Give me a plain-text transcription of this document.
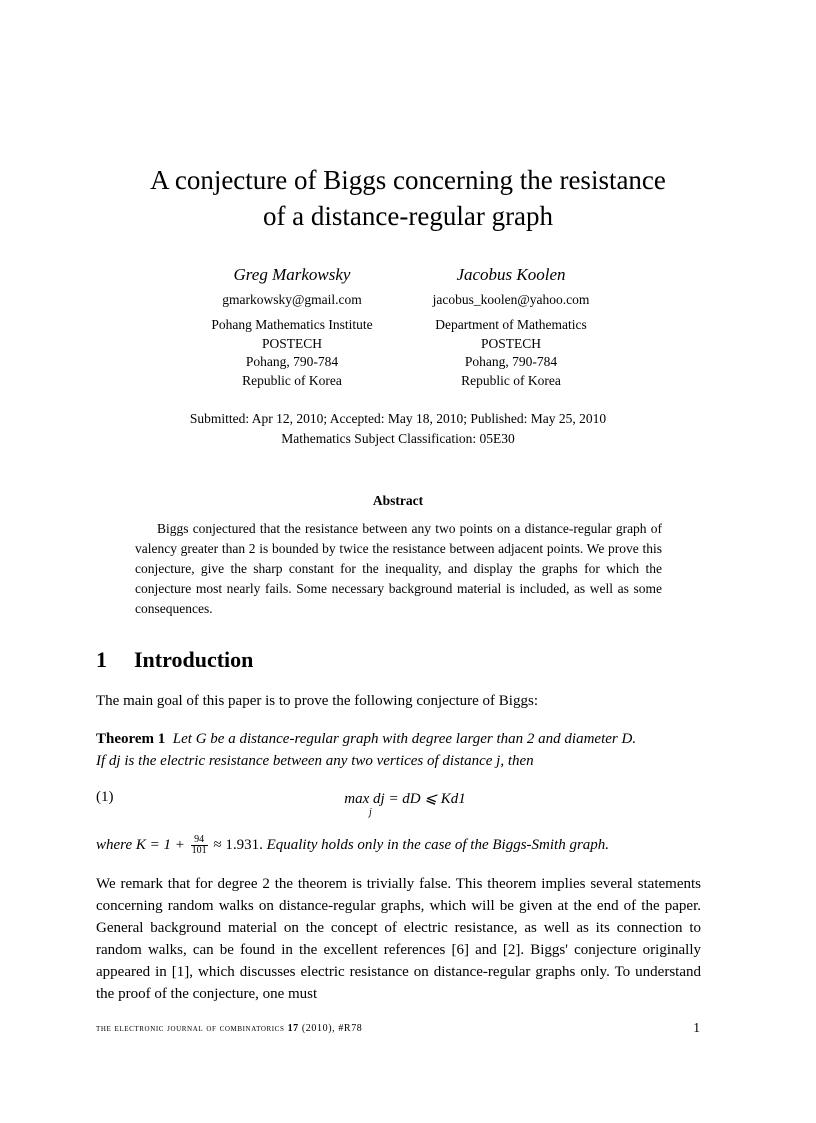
A conjecture of Biggs concerning the resistance
of a distance-regular graph
Greg Markowsky
gmarkowsky@gmail.com
Pohang Mathematics Institute
POSTECH
Pohang, 790-784
Republic of Korea
Jacobus Koolen
jacobus_koolen@yahoo.com
Department of Mathematics
POSTECH
Pohang, 790-784
Republic of Korea
Submitted: Apr 12, 2010; Accepted: May 18, 2010; Published: May 25, 2010
Mathematics Subject Classification: 05E30
Abstract
Biggs conjectured that the resistance between any two points on a distance-regular graph of valency greater than 2 is bounded by twice the resistance between adjacent points. We prove this conjecture, give the sharp constant for the inequality, and display the graphs for which the conjecture most nearly fails. Some necessary background material is included, as well as some consequences.
1 Introduction
The main goal of this paper is to prove the following conjecture of Biggs:
Theorem 1 Let G be a distance-regular graph with degree larger than 2 and diameter D.
If dj is the electric resistance between any two vertices of distance j, then
(1)	max dj = dD ⩽ Kd1
j
where $K = 1 + \frac{94}{101} \approx 1.931$. Equality holds only in the case of the Biggs-Smith graph.
We remark that for degree 2 the theorem is trivially false. This theorem implies several statements concerning random walks on distance-regular graphs, which will be given at the end of the paper. General background material on the concept of electric resistance, as well as its connection to random walks, can be found in the excellent references [6] and [2]. Biggs' conjecture originally appeared in [1], which discusses electric resistance on distance-regular graphs only. To understand the proof of the conjecture, one must
the electronic journal of combinatorics 17 (2010), #R78	1
